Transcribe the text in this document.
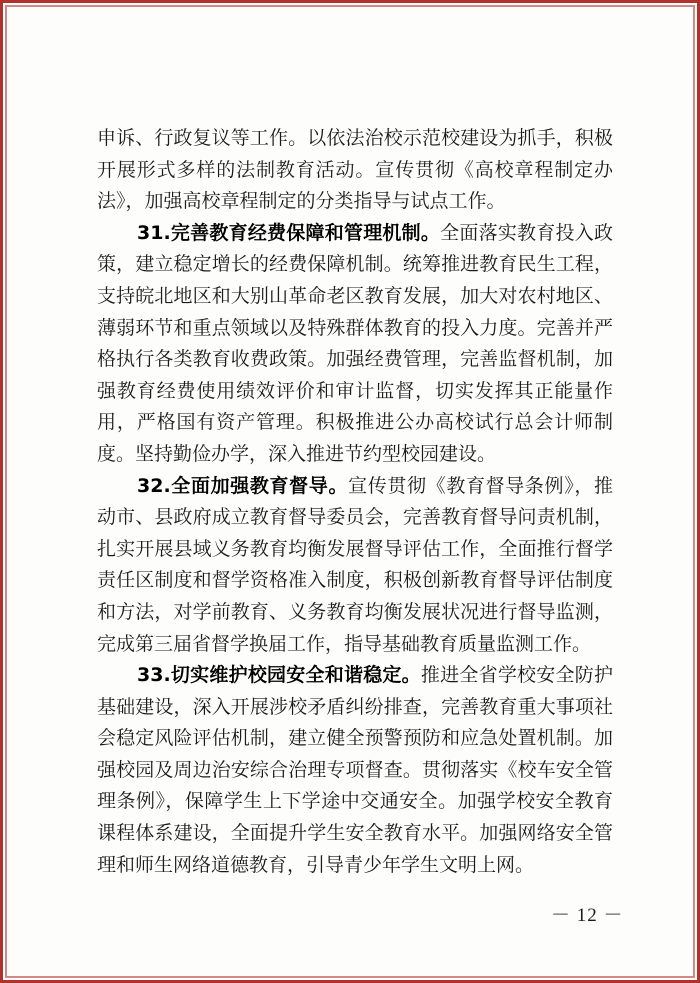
申诉、行政复议等工作。以依法治校示范校建设为抓手，积极开展形式多样的法制教育活动。宣传贯彻《高校章程制定办法》，加强高校章程制定的分类指导与试点工作。

31.完善教育经费保障和管理机制。全面落实教育投入政策，建立稳定增长的经费保障机制。统筹推进教育民生工程，支持皖北地区和大别山革命老区教育发展，加大对农村地区、薄弱环节和重点领域以及特殊群体教育的投入力度。完善并严格执行各类教育收费政策。加强经费管理，完善监督机制，加强教育经费使用绩效评价和审计监督，切实发挥其正能量作用，严格国有资产管理。积极推进公办高校试行总会计师制度。坚持勤俭办学，深入推进节约型校园建设。

32.全面加强教育督导。宣传贯彻《教育督导条例》，推动市、县政府成立教育督导委员会，完善教育督导问责机制，扎实开展县域义务教育均衡发展督导评估工作，全面推行督学责任区制度和督学资格准入制度，积极创新教育督导评估制度和方法，对学前教育、义务教育均衡发展状况进行督导监测，完成第三届省督学换届工作，指导基础教育质量监测工作。

33.切实维护校园安全和谐稳定。推进全省学校安全防护基础建设，深入开展涉校矛盾纠纷排查，完善教育重大事项社会稳定风险评估机制，建立健全预警预防和应急处置机制。加强校园及周边治安综合治理专项督查。贯彻落实《校车安全管理条例》，保障学生上下学途中交通安全。加强学校安全教育课程体系建设，全面提升学生安全教育水平。加强网络安全管理和师生网络道德教育，引导青少年学生文明上网。

－ 12 －
